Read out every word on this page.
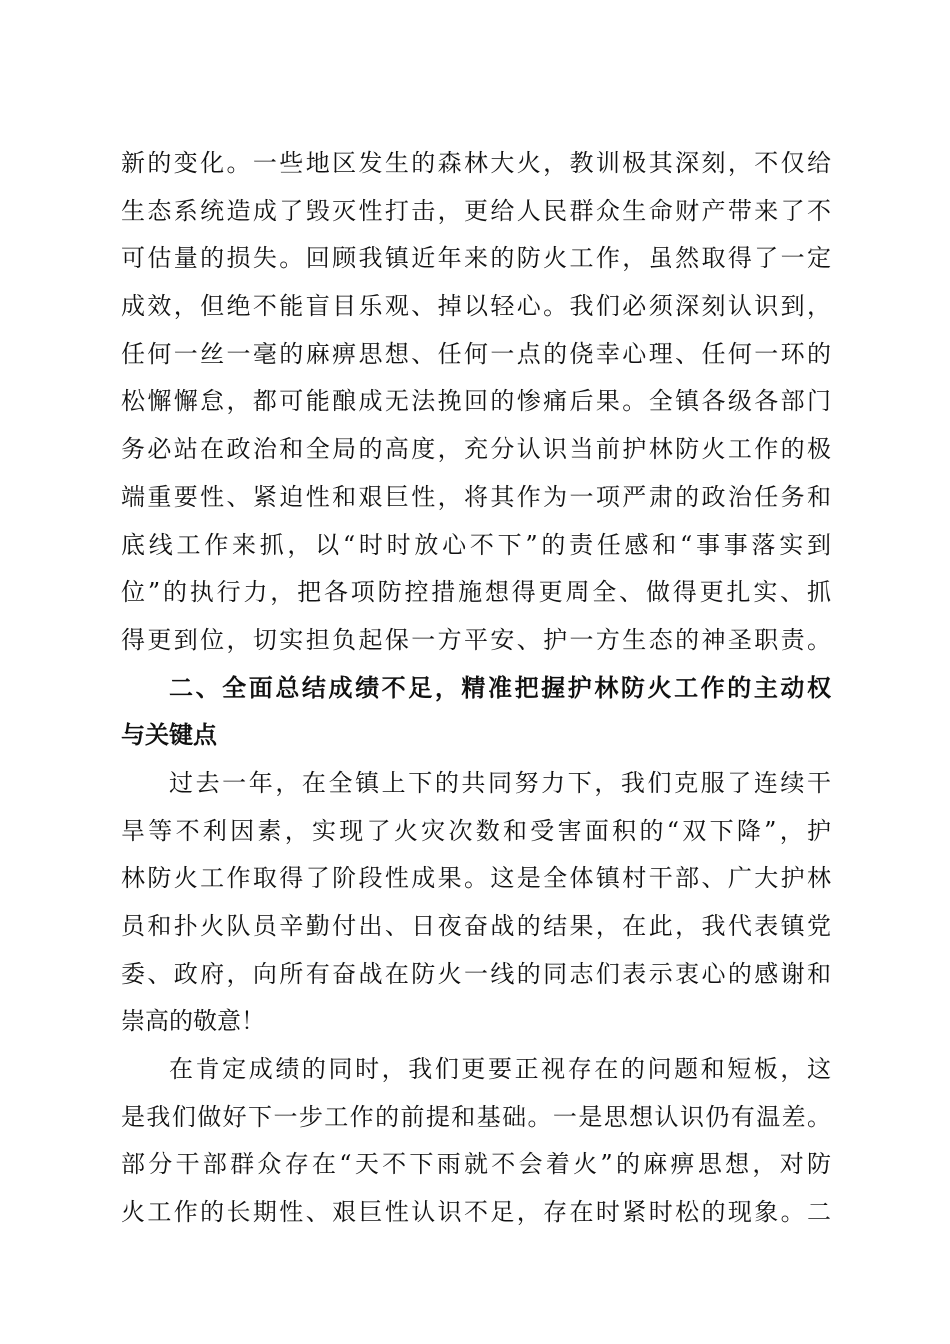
新的变化。一些地区发生的森林大火，教训极其深刻，不仅给
生态系统造成了毁灭性打击，更给人民群众生命财产带来了不
可估量的损失。回顾我镇近年来的防火工作，虽然取得了一定
成效，但绝不能盲目乐观、掉以轻心。我们必须深刻认识到，
任何一丝一毫的麻痹思想、任何一点的侥幸心理、任何一环的
松懈懈怠，都可能酿成无法挽回的惨痛后果。全镇各级各部门
务必站在政治和全局的高度，充分认识当前护林防火工作的极
端重要性、紧迫性和艰巨性，将其作为一项严肃的政治任务和
底线工作来抓，以“时时放心不下”的责任感和“事事落实到
位”的执行力，把各项防控措施想得更周全、做得更扎实、抓
得更到位，切实担负起保一方平安、护一方生态的神圣职责。
二、全面总结成绩不足，精准把握护林防火工作的主动权
与关键点
过去一年，在全镇上下的共同努力下，我们克服了连续干
旱等不利因素，实现了火灾次数和受害面积的“双下降”，护
林防火工作取得了阶段性成果。这是全体镇村干部、广大护林
员和扑火队员辛勤付出、日夜奋战的结果，在此，我代表镇党
委、政府，向所有奋战在防火一线的同志们表示衷心的感谢和
崇高的敬意！
在肯定成绩的同时，我们更要正视存在的问题和短板，这
是我们做好下一步工作的前提和基础。一是思想认识仍有温差。
部分干部群众存在“天不下雨就不会着火”的麻痹思想，对防
火工作的长期性、艰巨性认识不足，存在时紧时松的现象。二
